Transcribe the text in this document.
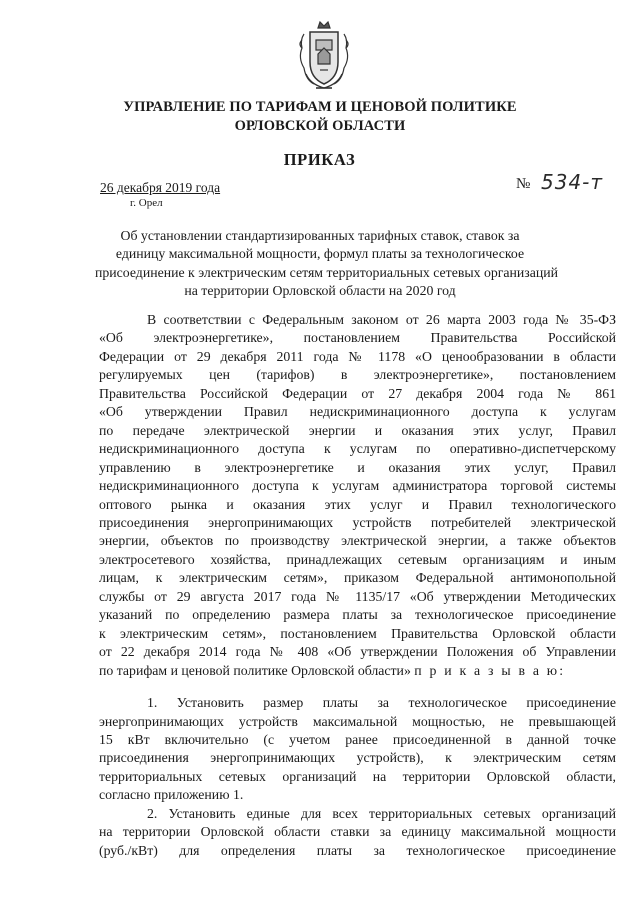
УПРАВЛЕНИЕ ПО ТАРИФАМ И ЦЕНОВОЙ ПОЛИТИКЕ
ОРЛОВСКОЙ ОБЛАСТИ
ПРИКАЗ
26 декабря 2019 года
г. Орел
№ 534-т
Об установлении стандартизированных тарифных ставок, ставок за
единицу максимальной мощности, формул платы за технологическое
присоединение к электрическим сетям территориальных сетевых организаций
на территории Орловской области на 2020 год
В соответствии с Федеральным законом от 26 марта 2003 года № 35-ФЗ
«Об электроэнергетике», постановлением Правительства Российской
Федерации от 29 декабря 2011 года № 1178 «О ценообразовании в области
регулируемых цен (тарифов) в электроэнергетике», постановлением
Правительства Российской Федерации от 27 декабря 2004 года № 861
«Об утверждении Правил недискриминационного доступа к услугам
по передаче электрической энергии и оказания этих услуг, Правил
недискриминационного доступа к услугам по оперативно-диспетчерскому
управлению в электроэнергетике и оказания этих услуг, Правил
недискриминационного доступа к услугам администратора торговой системы
оптового рынка и оказания этих услуг и Правил технологического
присоединения энергопринимающих устройств потребителей электрической
энергии, объектов по производству электрической энергии, а также объектов
электросетевого хозяйства, принадлежащих сетевым организациям и иным
лицам, к электрическим сетям», приказом Федеральной антимонопольной
службы от 29 августа 2017 года № 1135/17 «Об утверждении Методических
указаний по определению размера платы за технологическое присоединение
к электрическим сетям», постановлением Правительства Орловской области
от 22 декабря 2014 года № 408 «Об утверждении Положения об Управлении
по тарифам и ценовой политике Орловской области» п р и к а з ы в а ю:
1. Установить размер платы за технологическое присоединение
энергопринимающих устройств максимальной мощностью, не превышающей
15 кВт включительно (с учетом ранее присоединенной в данной точке
присоединения энергопринимающих устройств), к электрическим сетям
территориальных сетевых организаций на территории Орловской области,
согласно приложению 1.
2. Установить единые для всех территориальных сетевых организаций
на территории Орловской области ставки за единицу максимальной мощности
(руб./кВт) для определения платы за технологическое присоединение
